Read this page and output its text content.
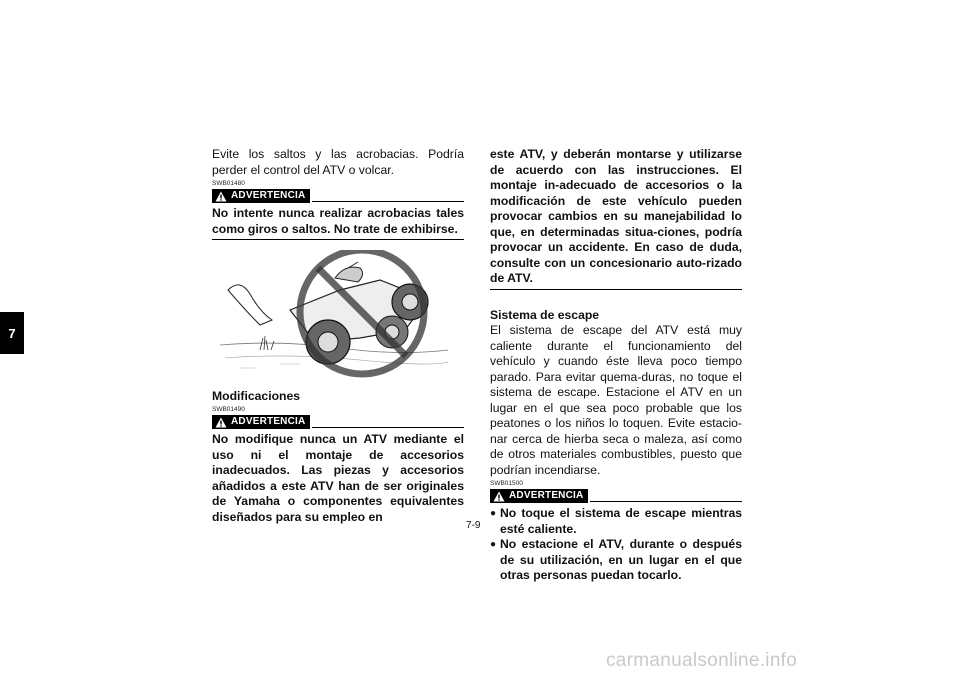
7

Evite los saltos y las acrobacias. Podría perder el control del ATV o volcar.

SWB01480
ADVERTENCIA

No intente nunca realizar acrobacias tales como giros o saltos. No trate de exhibirse.

Modificaciones

SWB01490
ADVERTENCIA

No modifique nunca un ATV mediante el uso ni el montaje de accesorios inadecuados. Las piezas y accesorios añadidos a este ATV han de ser originales de Yamaha o componentes equivalentes diseñados para su empleo en

este ATV, y deberán montarse y utilizarse de acuerdo con las instrucciones. El montaje in-adecuado de accesorios o la modificación de este vehículo pueden provocar cambios en su manejabilidad lo que, en determinadas situa-ciones, podría provocar un accidente. En caso de duda, consulte con un concesionario auto-rizado de ATV.

Sistema de escape

El sistema de escape del ATV está muy caliente durante el funcionamiento del vehículo y cuando éste lleva poco tiempo parado. Para evitar quema-duras, no toque el sistema de escape. Estacione el ATV en un lugar en el que sea poco probable que los peatones o los niños lo toquen. Evite estacio-nar cerca de hierba seca o maleza, así como de otros materiales combustibles, puesto que podrían incendiarse.

SWB01500
ADVERTENCIA
● No toque el sistema de escape mientras esté caliente.
● No estacione el ATV, durante o después de su utilización, en un lugar en el que otras personas puedan tocarlo.
7-9
carmanualsonline.info
